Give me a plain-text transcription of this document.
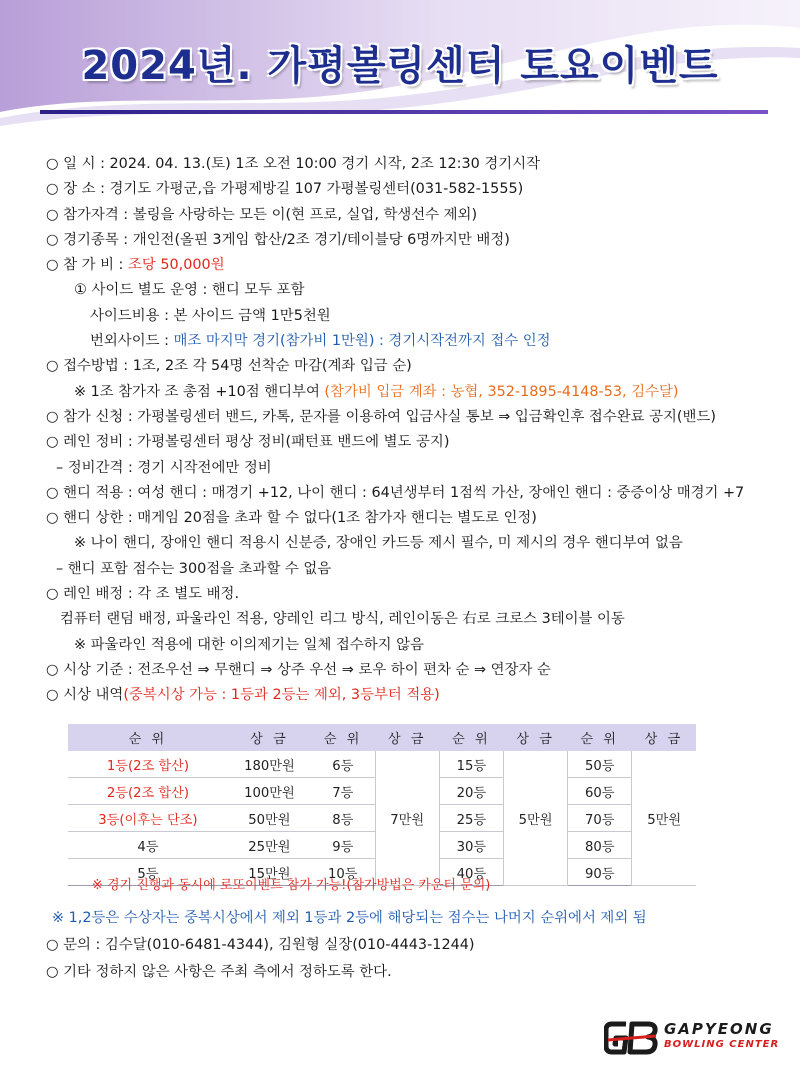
2024년. 가평볼링센터 토요이벤트
○ 일 시 : 2024. 04. 13.(토) 1조 오전 10:00 경기 시작, 2조 12:30 경기시작
○ 장 소 : 경기도 가평군,읍 가평제방길 107 가평볼링센터(031-582-1555)
○ 참가자격 : 볼링을 사랑하는 모든 이(현 프로, 실업, 학생선수 제외)
○ 경기종목 : 개인전(올핀 3게임 합산/2조 경기/테이블당 6명까지만 배정)
○ 참 가 비 : 조당 50,000원
① 사이드 별도 운영 : 핸디 모두 포함
사이드비용 : 본 사이드 금액 1만5천원
번외사이드 : 매조 마지막 경기(참가비 1만원) : 경기시작전까지 접수 인정
○ 접수방법 : 1조, 2조 각 54명 선착순 마감(계좌 입금 순)
※ 1조 참가자 조 총점 +10점 핸디부여 (참가비 입금 계좌 : 농협, 352-1895-4148-53, 김수달)
○ 참가 신청 : 가평볼링센터 밴드, 카톡, 문자를 이용하여 입금사실 통보 ⇒ 입금확인후 접수완료 공지(밴드)
○ 레인 정비 : 가평볼링센터 평상 정비(패턴표 밴드에 별도 공지)
– 정비간격 : 경기 시작전에만 정비
○ 핸디 적용 : 여성 핸디 : 매경기 +12, 나이 핸디 : 64년생부터 1점씩 가산, 장애인 핸디 : 중증이상 매경기 +7
○ 핸디 상한 : 매게임 20점을 초과 할 수 없다(1조 참가자 핸디는 별도로 인정)
※ 나이 핸디, 장애인 핸디 적용시 신분증, 장애인 카드등 제시 필수, 미 제시의 경우 핸디부여 없음
– 핸디 포함 점수는 300점을 초과할 수 없음
○ 레인 배정 : 각 조 별도 배정.
컴퓨터 랜덤 배정, 파울라인 적용, 양레인 리그 방식, 레인이동은 右로 크로스 3테이블 이동
※ 파울라인 적용에 대한 이의제기는 일체 접수하지 않음
○ 시상 기준 : 전조우선 ⇒ 무핸디 ⇒ 상주 우선 ⇒ 로우 하이 편차 순 ⇒ 연장자 순
○ 시상 내역(중복시상 가능 : 1등과 2등는 제외, 3등부터 적용)
순 위	상 금	순 위	상 금	순 위	상 금	순 위	상 금
1등(2조 합산)	180만원	6등	7만원	15등	5만원	50등	5만원
2등(2조 합산)	100만원	7등		20등		60등	
3등(이후는 단조)	50만원	8등		25등		70등	
4등	25만원	9등		30등		80등	
5등	15만원	10등		40등		90등	
※ 경기 진행과 동시에 로또이벤트 참가 가능!(참가방법은 카운터 문의)
※ 1,2등은 수상자는 중복시상에서 제외 1등과 2등에 해당되는 점수는 나머지 순위에서 제외 됨
○ 문의 : 김수달(010-6481-4344), 김원형 실장(010-4443-1244)
○ 기타 정하지 않은 사항은 주최 측에서 정하도록 한다.
GAPYEONG
BOWLING CENTER
